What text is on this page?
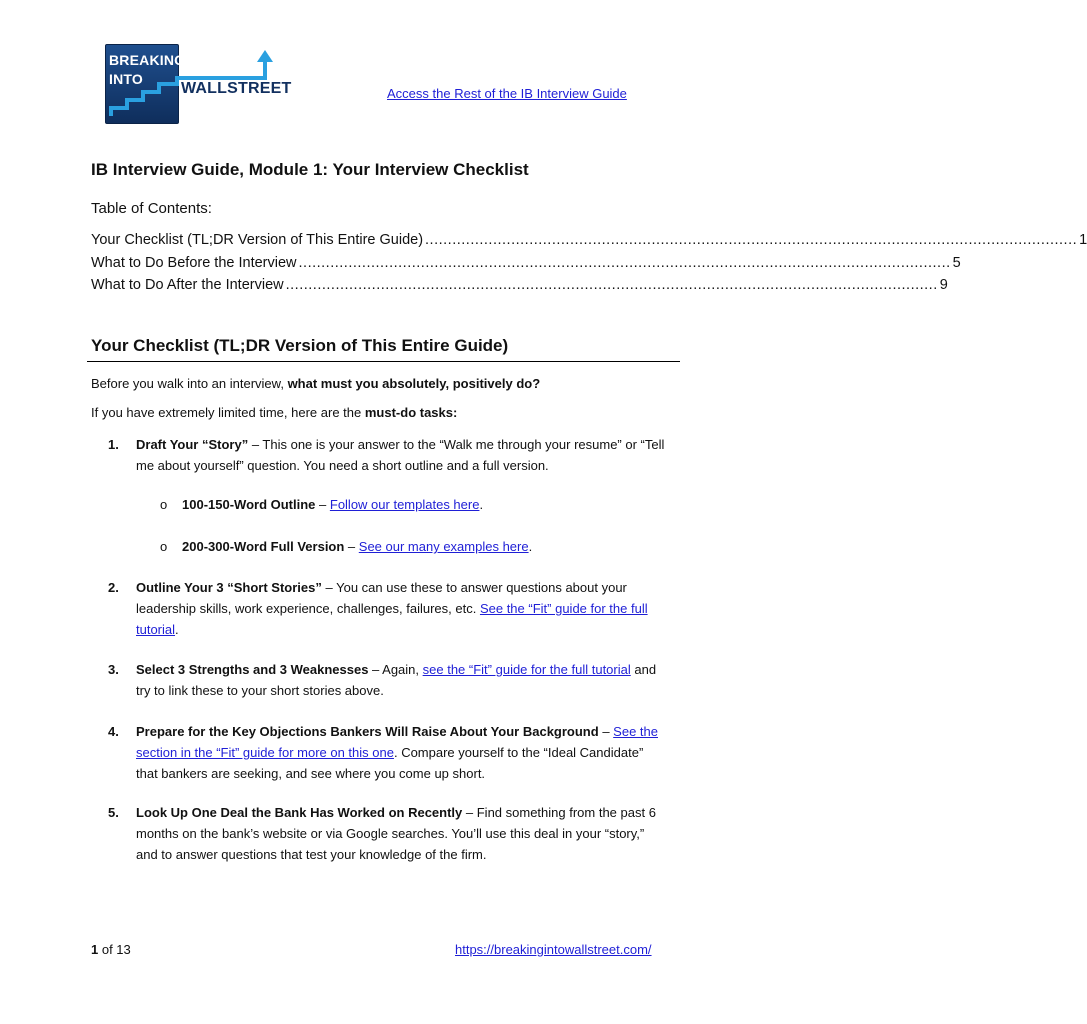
BREAKING
INTO
WALLSTREET	Access the Rest of the IB Interview Guide
IB Interview Guide, Module 1: Your Interview Checklist
Table of Contents:
Your Checklist (TL;DR Version of This Entire Guide) ................................................................................................................................................ 1
What to Do Before the Interview ................................................................................................................................................ 5
What to Do After the Interview ................................................................................................................................................ 9
Your Checklist (TL;DR Version of This Entire Guide)
Before you walk into an interview, what must you absolutely, positively do?
If you have extremely limited time, here are the must-do tasks:
1. Draft Your “Story” – This one is your answer to the “Walk me through your resume” or “Tell me about yourself” question. You need a short outline and a full version.
o 100-150-Word Outline – Follow our templates here.
o 200-300-Word Full Version – See our many examples here.
2. Outline Your 3 “Short Stories” – You can use these to answer questions about your leadership skills, work experience, challenges, failures, etc. See the “Fit” guide for the full tutorial.
3. Select 3 Strengths and 3 Weaknesses – Again, see the “Fit” guide for the full tutorial and try to link these to your short stories above.
4. Prepare for the Key Objections Bankers Will Raise About Your Background – See the section in the “Fit” guide for more on this one. Compare yourself to the “Ideal Candidate” that bankers are seeking, and see where you come up short.
5. Look Up One Deal the Bank Has Worked on Recently – Find something from the past 6 months on the bank’s website or via Google searches. You’ll use this deal in your “story,” and to answer questions that test your knowledge of the firm.
1 of 13	https://breakingintowallstreet.com/
